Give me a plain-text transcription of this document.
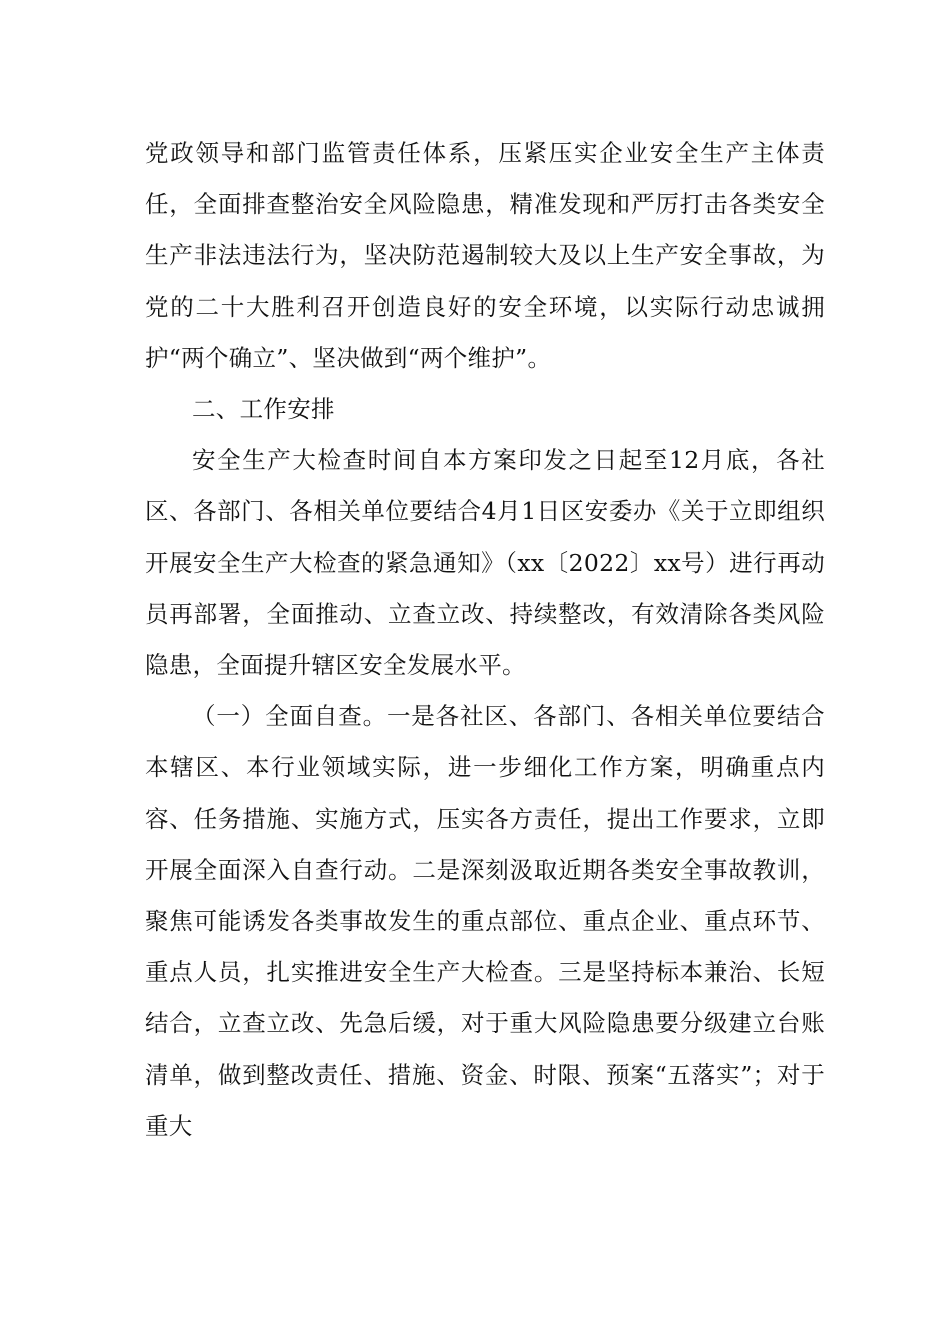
党政领导和部门监管责任体系，压紧压实企业安全生产主体责任，全面排查整治安全风险隐患，精准发现和严厉打击各类安全生产非法违法行为，坚决防范遏制较大及以上生产安全事故，为党的二十大胜利召开创造良好的安全环境，以实际行动忠诚拥护“两个确立”、坚决做到“两个维护”。

二、工作安排

安全生产大检查时间自本方案印发之日起至12月底，各社区、各部门、各相关单位要结合4月1日区安委办《关于立即组织开展安全生产大检查的紧急通知》（xx〔2022〕xx号）进行再动员再部署，全面推动、立查立改、持续整改，有效清除各类风险隐患，全面提升辖区安全发展水平。

（一）全面自查。一是各社区、各部门、各相关单位要结合本辖区、本行业领域实际，进一步细化工作方案，明确重点内容、任务措施、实施方式，压实各方责任，提出工作要求，立即开展全面深入自查行动。二是深刻汲取近期各类安全事故教训，聚焦可能诱发各类事故发生的重点部位、重点企业、重点环节、重点人员，扎实推进安全生产大检查。三是坚持标本兼治、长短结合，立查立改、先急后缓，对于重大风险隐患要分级建立台账清单，做到整改责任、措施、资金、时限、预案“五落实”；对于重大
